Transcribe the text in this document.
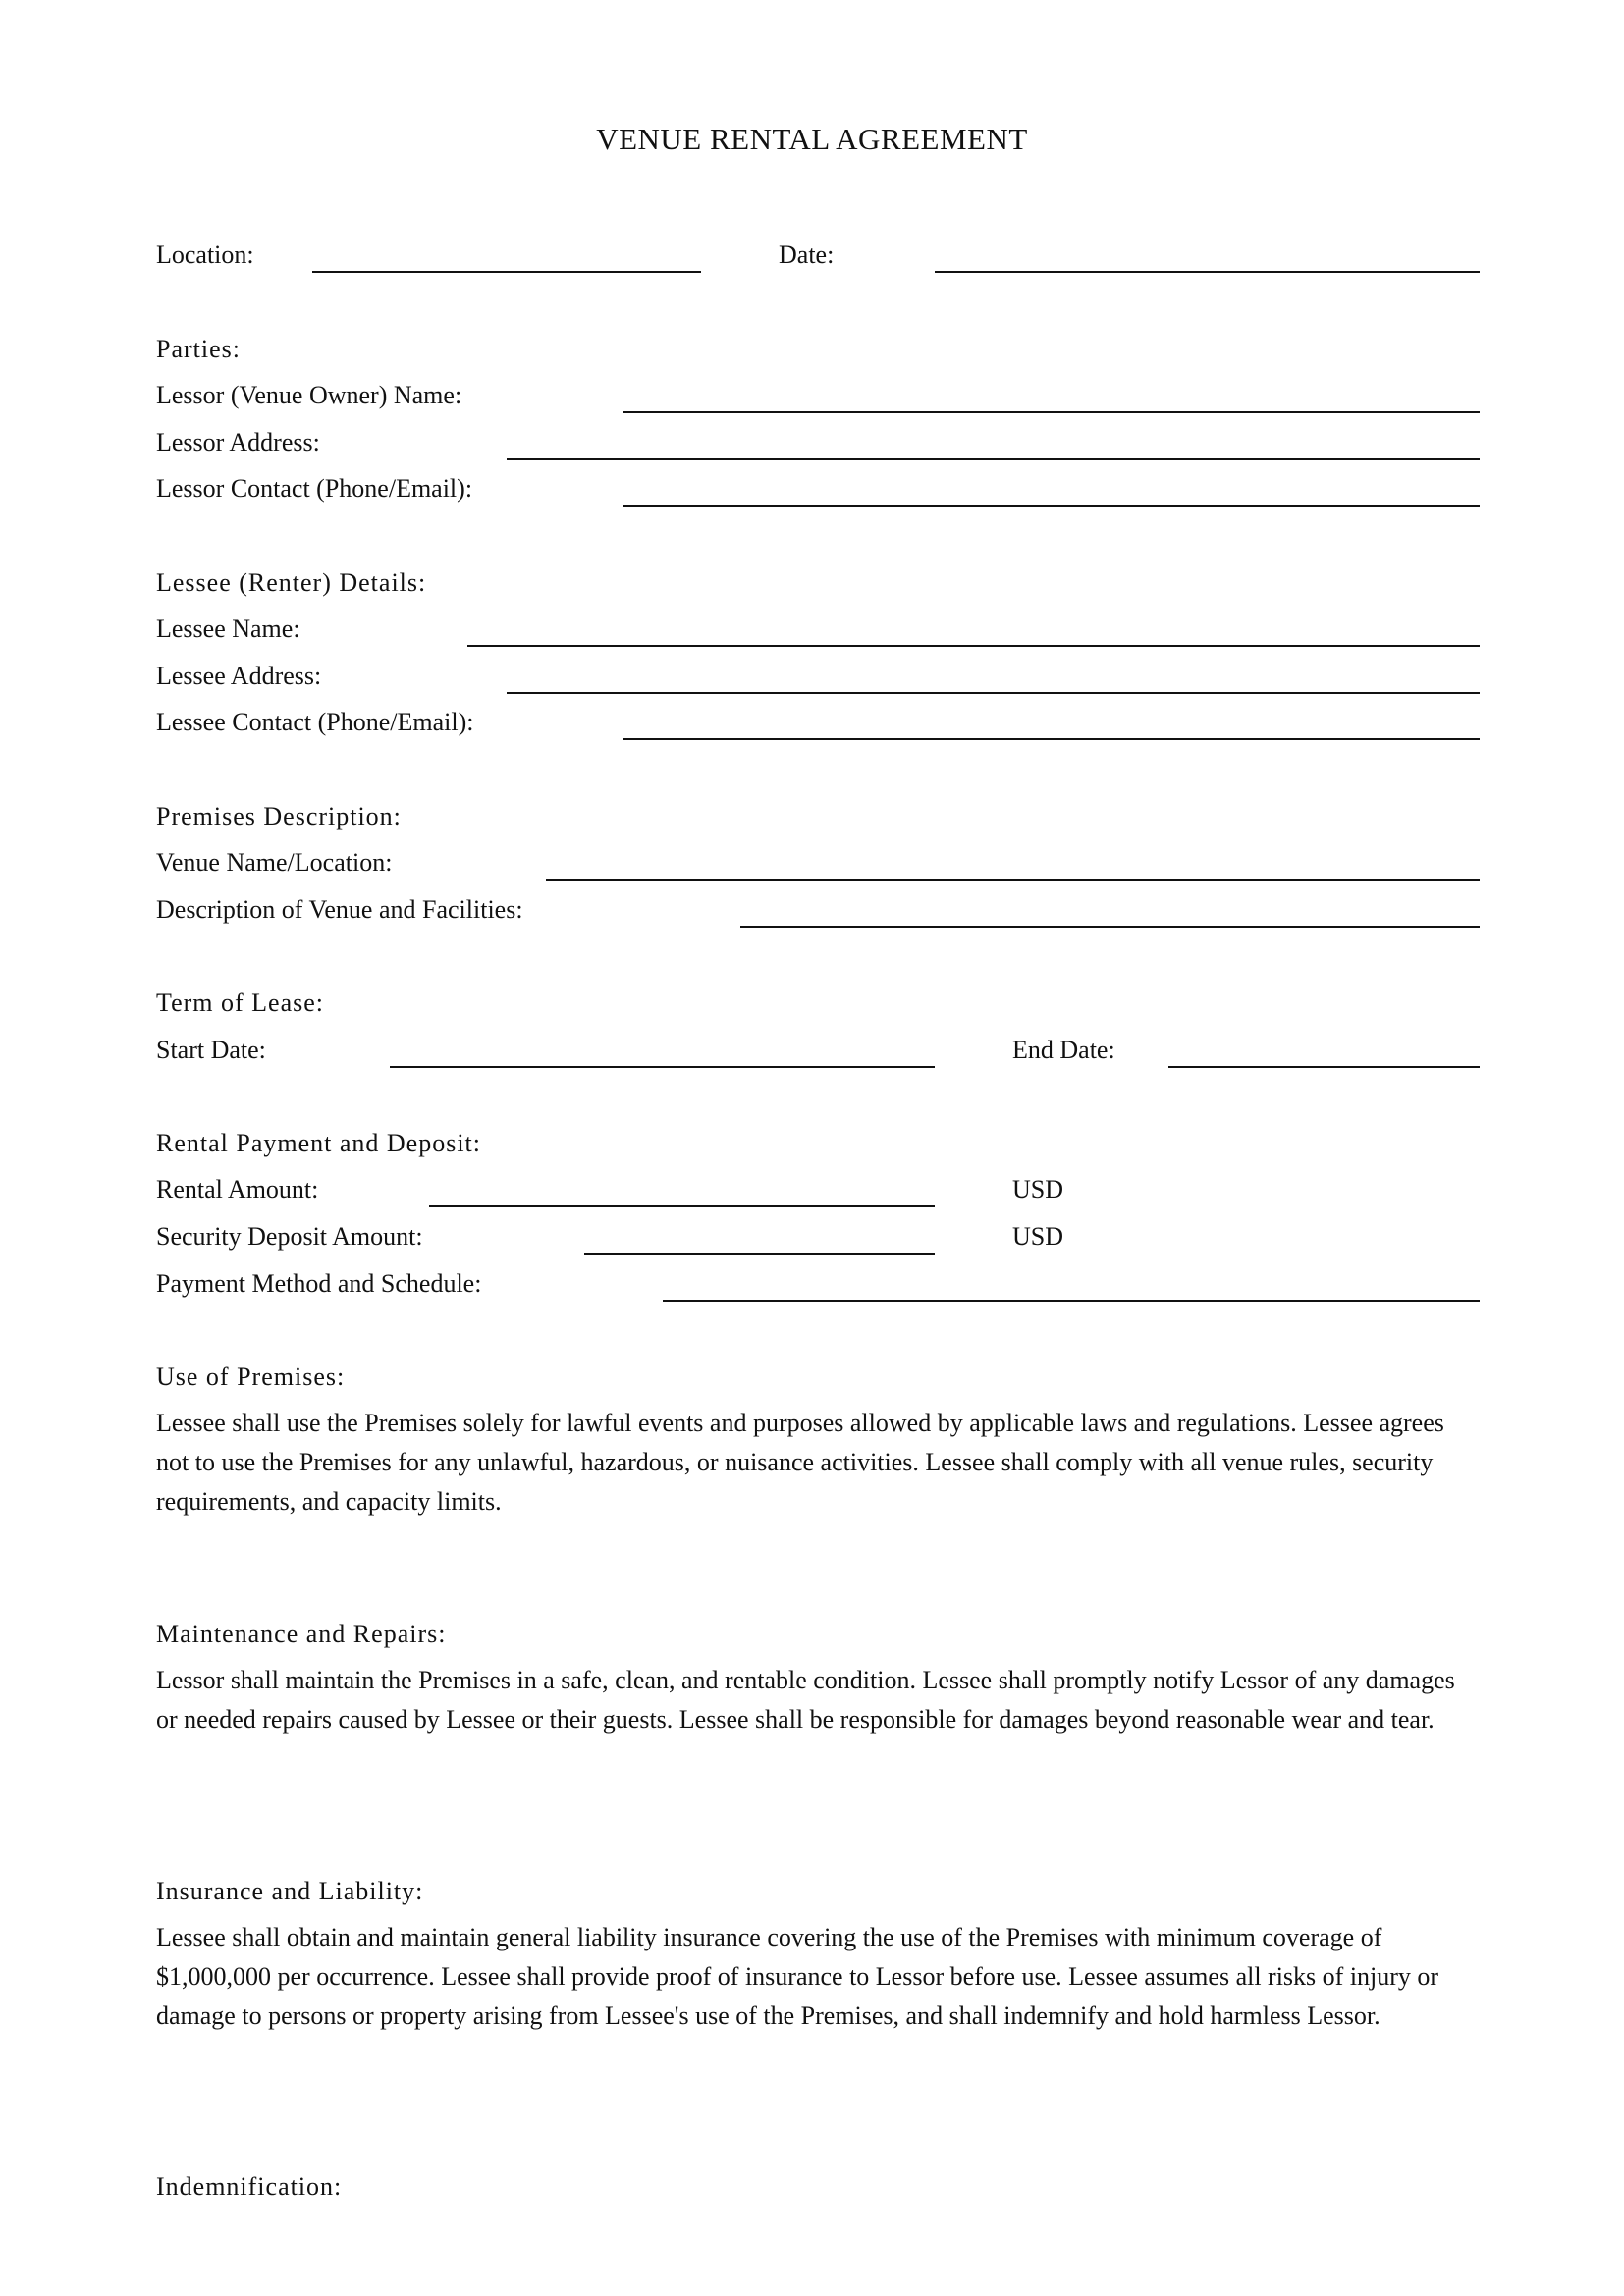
VENUE RENTAL AGREEMENT
Location:	Date:
Parties:
Lessor (Venue Owner) Name:
Lessor Address:
Lessor Contact (Phone/Email):
Lessee (Renter) Details:
Lessee Name:
Lessee Address:
Lessee Contact (Phone/Email):
Premises Description:
Venue Name/Location:
Description of Venue and Facilities:
Term of Lease:
Start Date:	End Date:
Rental Payment and Deposit:
Rental Amount:	USD
Security Deposit Amount:	USD
Payment Method and Schedule:
Use of Premises:
Lessee shall use the Premises solely for lawful events and purposes allowed by applicable laws and regulations. Lessee agrees not to use the Premises for any unlawful, hazardous, or nuisance activities. Lessee shall comply with all venue rules, security requirements, and capacity limits.
Maintenance and Repairs:
Lessor shall maintain the Premises in a safe, clean, and rentable condition. Lessee shall promptly notify Lessor of any damages or needed repairs caused by Lessee or their guests. Lessee shall be responsible for damages beyond reasonable wear and tear.
Insurance and Liability:
Lessee shall obtain and maintain general liability insurance covering the use of the Premises with minimum coverage of $1,000,000 per occurrence. Lessee shall provide proof of insurance to Lessor before use. Lessee assumes all risks of injury or damage to persons or property arising from Lessee's use of the Premises, and shall indemnify and hold harmless Lessor.
Indemnification:
